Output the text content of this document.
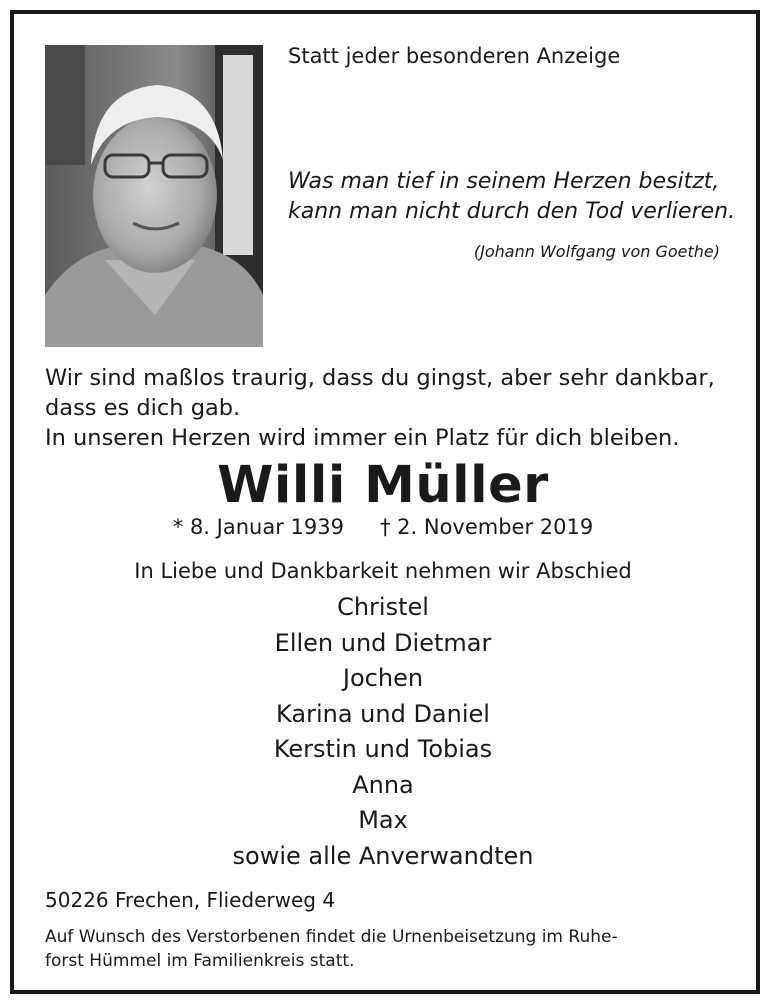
Statt jeder besonderen Anzeige
Was man tief in seinem Herzen besitzt,
kann man nicht durch den Tod verlieren.
(Johann Wolfgang von Goethe)
Wir sind maßlos traurig, dass du gingst, aber sehr dankbar,
dass es dich gab.
In unseren Herzen wird immer ein Platz für dich bleiben.
Willi Müller
* 8. Januar 1939 † 2. November 2019
In Liebe und Dankbarkeit nehmen wir Abschied
Christel
Ellen und Dietmar
Jochen
Karina und Daniel
Kerstin und Tobias
Anna
Max
sowie alle Anverwandten
50226 Frechen, Fliederweg 4
Auf Wunsch des Verstorbenen findet die Urnenbeisetzung im Ruhe-
forst Hümmel im Familienkreis statt.
